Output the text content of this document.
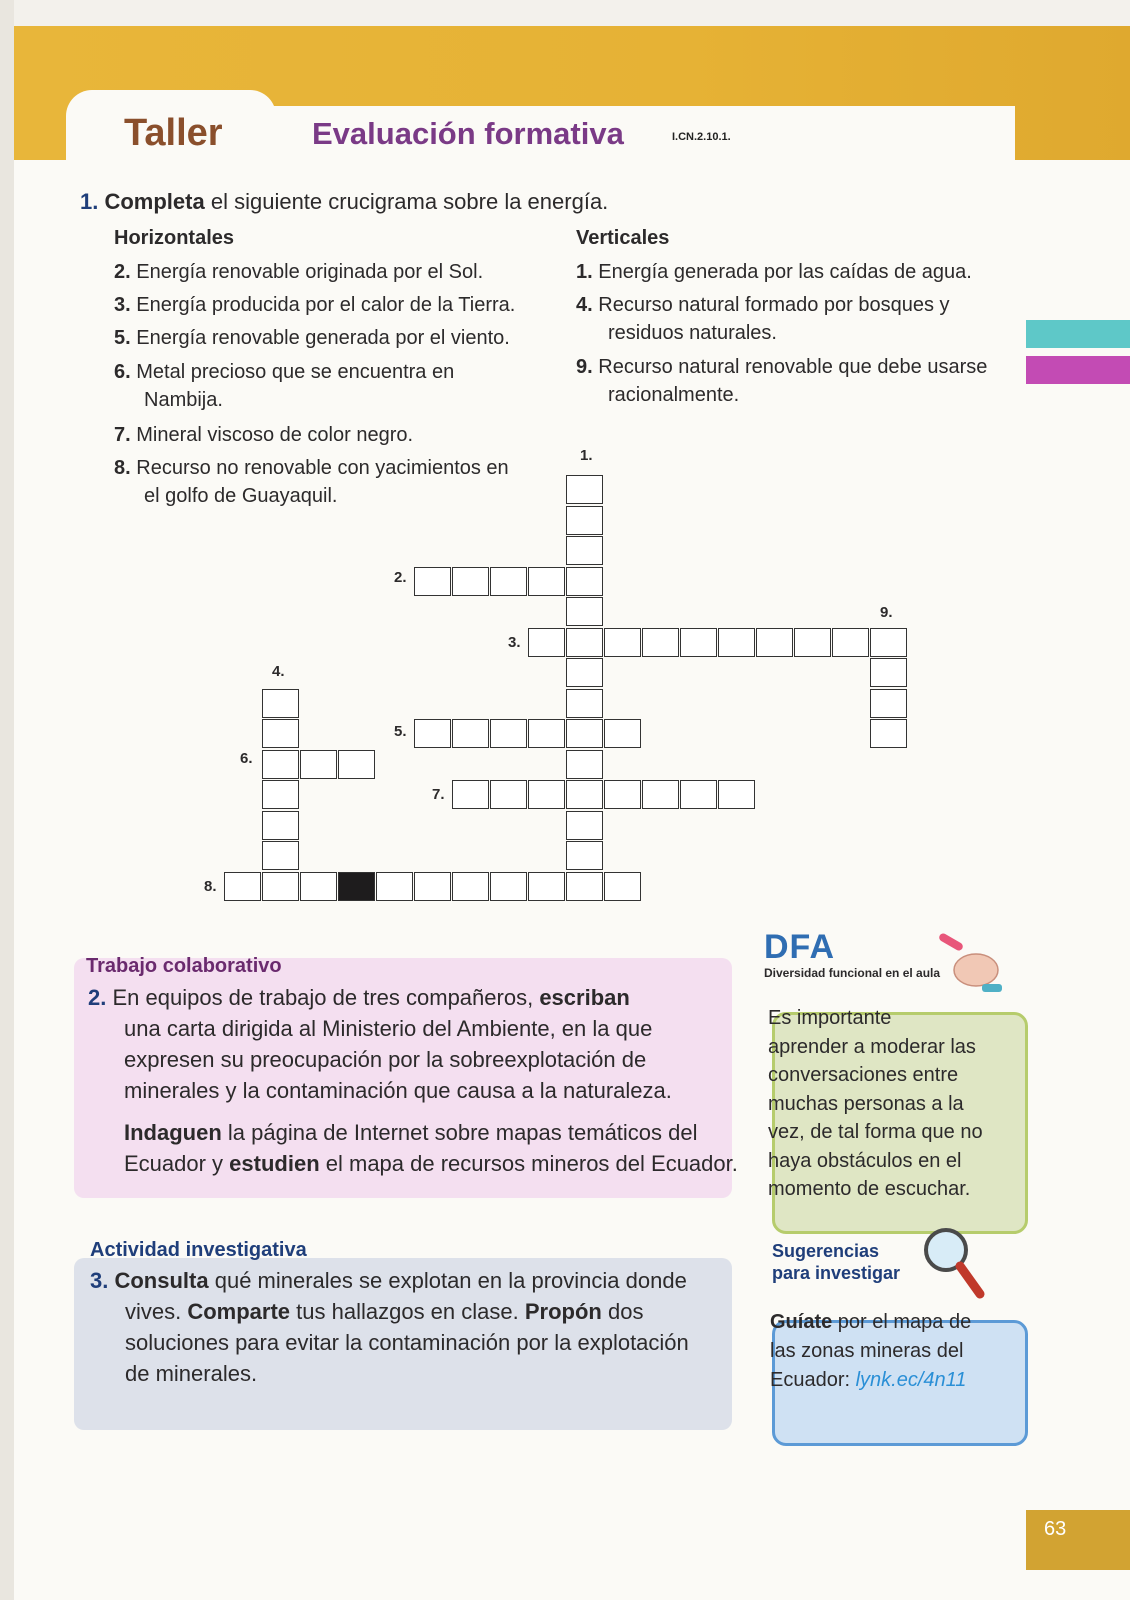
Taller	Evaluación formativa	I.CN.2.10.1.
1. Completa el siguiente crucigrama sobre la energía.
Horizontales	Verticales
2. Energía renovable originada por el Sol.
3. Energía producida por el calor de la Tierra.
5. Energía renovable generada por el viento.
6. Metal precioso que se encuentra en
Nambija.
7. Mineral viscoso de color negro.
8. Recurso no renovable con yacimientos en
el golfo de Guayaquil.
1. Energía generada por las caídas de agua.
4. Recurso natural formado por bosques y
residuos naturales.
9. Recurso natural renovable que debe usarse
racionalmente.
1.
2.
3.
4.
5.
6.
7.
8.
9.
Trabajo colaborativo
2. En equipos de trabajo de tres compañeros, escriban
una carta dirigida al Ministerio del Ambiente, en la que
expresen su preocupación por la sobreexplotación de
minerales y la contaminación que causa a la naturaleza.
Indaguen la página de Internet sobre mapas temáticos del
Ecuador y estudien el mapa de recursos mineros del Ecuador.
Actividad investigativa
3. Consulta qué minerales se explotan en la provincia donde
vives. Comparte tus hallazgos en clase. Propón dos
soluciones para evitar la contaminación por la explotación
de minerales.
DFA
Diversidad funcional en el aula
Es importante
aprender a moderar las
conversaciones entre
muchas personas a la
vez, de tal forma que no
haya obstáculos en el
momento de escuchar.
Sugerencias
para investigar
Guíate por el mapa de
las zonas mineras del
Ecuador: lynk.ec/4n11
63
